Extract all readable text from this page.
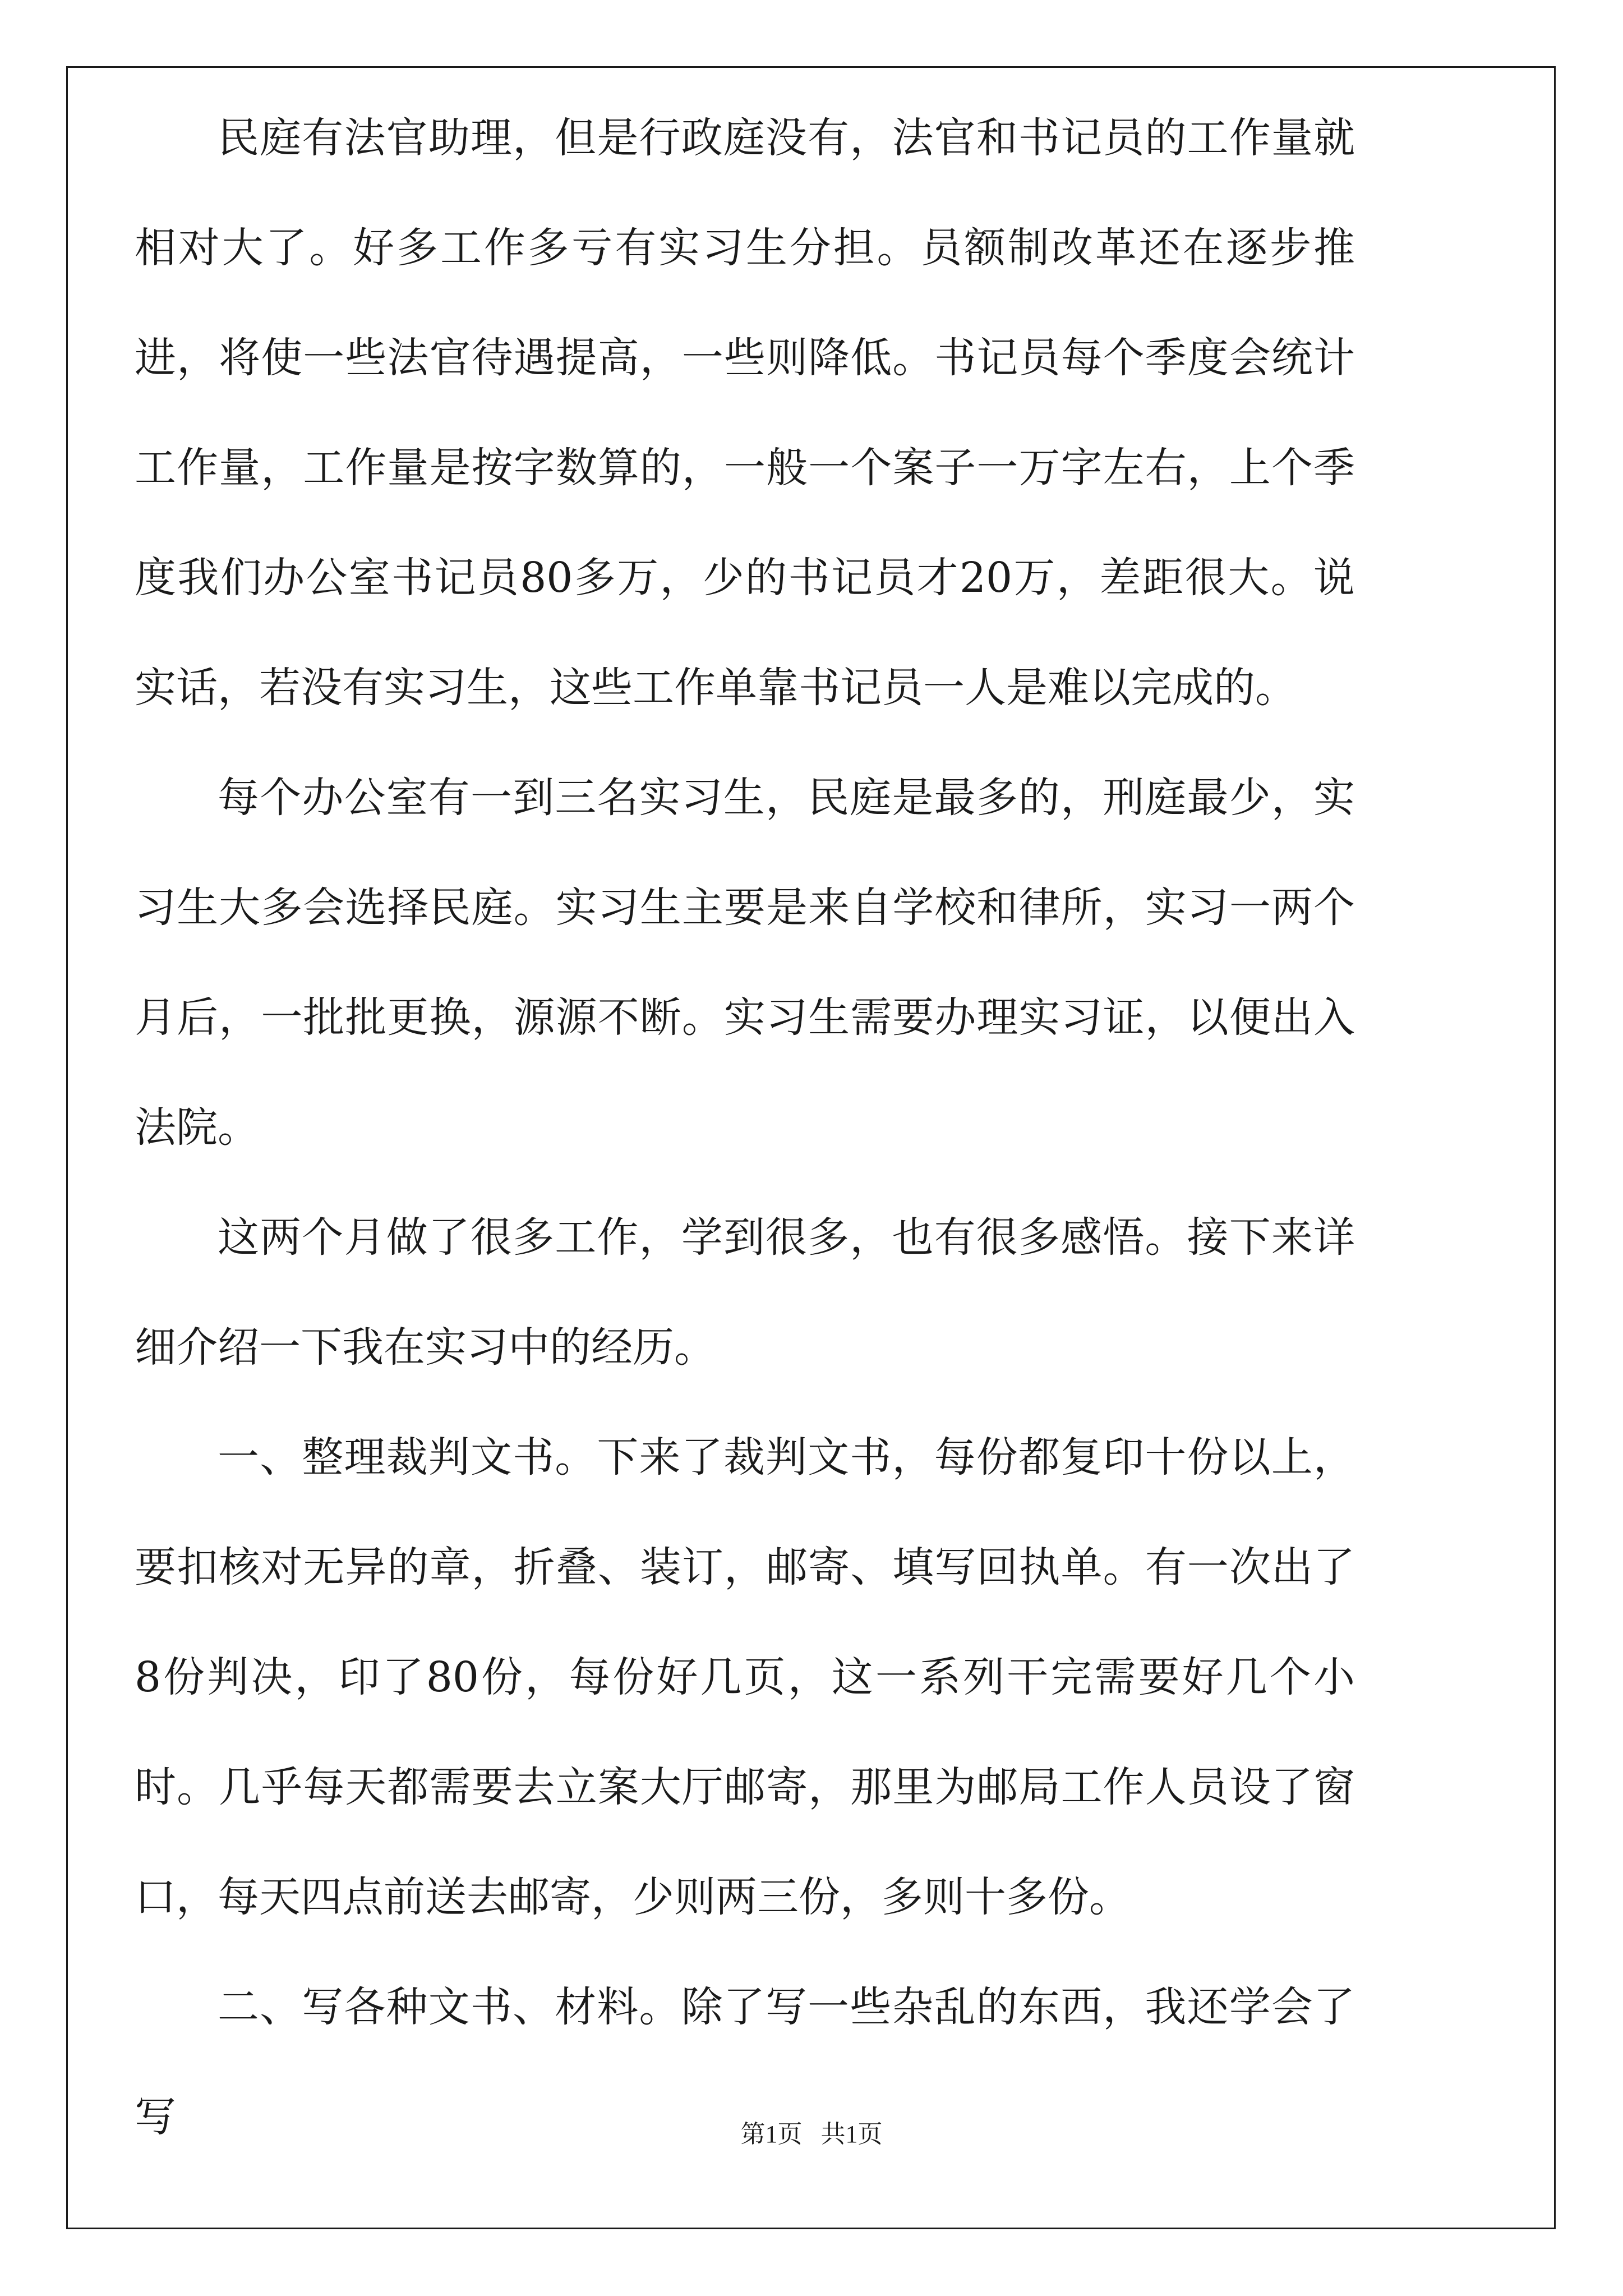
民庭有法官助理，但是行政庭没有，法官和书记员的工作量就相对大了。好多工作多亏有实习生分担。员额制改革还在逐步推进，将使一些法官待遇提高，一些则降低。书记员每个季度会统计工作量，工作量是按字数算的，一般一个案子一万字左右，上个季度我们办公室书记员80多万，少的书记员才20万，差距很大。说实话，若没有实习生，这些工作单靠书记员一人是难以完成的。

每个办公室有一到三名实习生，民庭是最多的，刑庭最少，实习生大多会选择民庭。实习生主要是来自学校和律所，实习一两个月后，一批批更换，源源不断。实习生需要办理实习证，以便出入法院。

这两个月做了很多工作，学到很多，也有很多感悟。接下来详细介绍一下我在实习中的经历。

一、整理裁判文书。下来了裁判文书，每份都复印十份以上，要扣核对无异的章，折叠、装订，邮寄、填写回执单。有一次出了8份判决，印了80份，每份好几页，这一系列干完需要好几个小时。几乎每天都需要去立案大厅邮寄，那里为邮局工作人员设了窗口，每天四点前送去邮寄，少则两三份，多则十多份。

二、写各种文书、材料。除了写一些杂乱的东西，我还学会了写	第1页   共1页
